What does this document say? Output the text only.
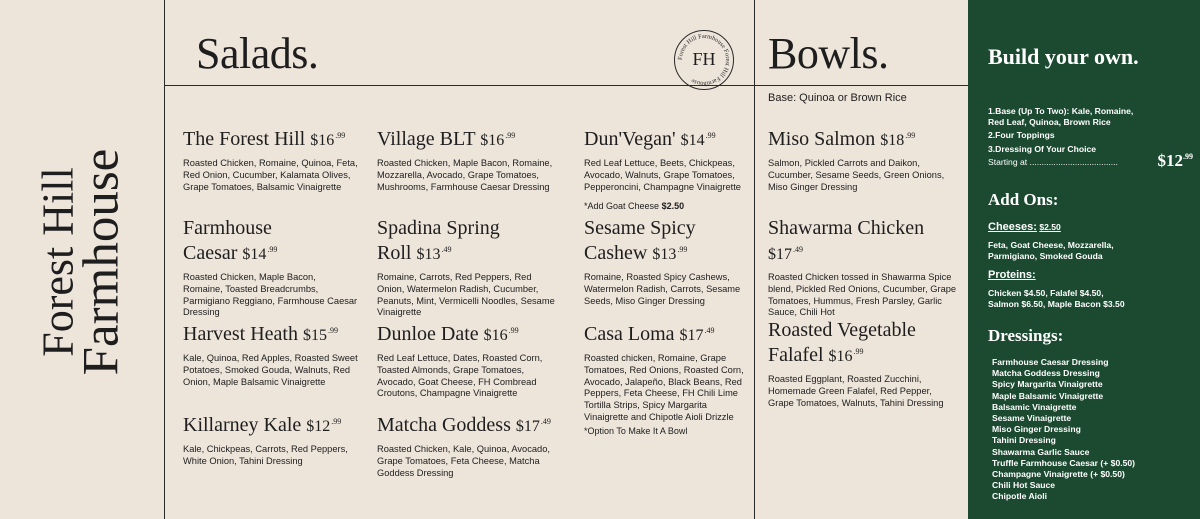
Forest Hill
Farmhouse
Salads.	Bowls.
Forest Hill Farmhouse Forest Hill Farmhouse
FH
The Forest Hill $\$16^{.99}$
Roasted Chicken, Romaine, Quinoa, Feta, Red Onion, Cucumber, Kalamata Olives, Grape Tomatoes, Balsamic Vinaigrette
Farmhouse
Caesar $\$14^{.99}$
Roasted Chicken, Maple Bacon, Romaine, Toasted Breadcrumbs, Parmigiano Reggiano, Farmhouse Caesar Dressing
Harvest Heath $\$15^{.99}$
Kale, Quinoa, Red Apples, Roasted Sweet Potatoes, Smoked Gouda, Walnuts, Red Onion, Maple Balsamic Vinaigrette
Killarney Kale $\$12^{.99}$
Kale, Chickpeas, Carrots, Red Peppers, White Onion, Tahini Dressing
Village BLT $\$16^{.99}$
Roasted Chicken, Maple Bacon, Romaine, Mozzarella, Avocado, Grape Tomatoes, Mushrooms, Farmhouse Caesar Dressing
Spadina Spring
Roll $\$13^{.49}$
Romaine, Carrots, Red Peppers, Red Onion, Watermelon Radish, Cucumber, Peanuts, Mint, Vermicelli Noodles, Sesame Vinaigrette
Dunloe Date $\$16^{.99}$
Red Leaf Lettuce, Dates, Roasted Corn, Toasted Almonds, Grape Tomatoes, Avocado, Goat Cheese, FH Combread Croutons, Champagne Vinaigrette
Matcha Goddess $\$17^{.49}$
Roasted Chicken, Kale, Quinoa, Avocado, Grape Tomatoes, Feta Cheese, Matcha Goddess Dressing
Dun'Vegan' $\$14^{.99}$
Red Leaf Lettuce, Beets, Chickpeas, Avocado, Walnuts, Grape Tomatoes, Pepperoncini, Champagne Vinaigrette
*Add Goat Cheese $2.50
Sesame Spicy
Cashew $\$13^{.99}$
Romaine, Roasted Spicy Cashews, Watermelon Radish, Carrots, Sesame Seeds, Miso Ginger Dressing
Casa Loma $\$17^{.49}$
Roasted chicken, Romaine, Grape Tomatoes, Red Onions, Roasted Corn, Avocado, Jalapeño, Black Beans, Red Peppers, Feta Cheese, FH Chili Lime Tortilla Strips, Spicy Margarita Vinaigrette and Chipotle Aioli Drizzle
*Option To Make It A Bowl
Base: Quinoa or Brown Rice
Miso Salmon $\$18^{.99}$
Salmon, Pickled Carrots and Daikon, Cucumber, Sesame Seeds, Green Onions, Miso Ginger Dressing
Shawarma Chicken $\$17^{.49}$
Roasted Chicken tossed in Shawarma Spice blend, Pickled Red Onions, Cucumber, Grape Tomatoes, Hummus, Fresh Parsley, Garlic Sauce, Chili Hot
Roasted Vegetable
Falafel $\$16^{.99}$
Roasted Eggplant, Roasted Zucchini, Homemade Green Falafel, Red Pepper, Grape Tomatoes, Walnuts, Tahini Dressing
Build your own.
1.Base (Up To Two): Kale, Romaine,
Red Leaf, Quinoa, Brown Rice
2.Four Toppings
3.Dressing Of Your Choice
Starting at ..................................... $\$12^{.99}$
Add Ons:
Cheeses: $2.50
Feta, Goat Cheese, Mozzarella,
Parmigiano, Smoked Gouda
Proteins:
Chicken $4.50, Falafel $4.50,
Salmon $6.50, Maple Bacon $3.50
Dressings:
Farmhouse Caesar Dressing
Matcha Goddess Dressing
Spicy Margarita Vinaigrette
Maple Balsamic Vinaigrette
Balsamic Vinaigrette
Sesame Vinaigrette
Miso Ginger Dressing
Tahini Dressing
Shawarma Garlic Sauce
Truffle Farmhouse Caesar (+ $0.50)
Champagne Vinaigrette (+ $0.50)
Chili Hot Sauce
Chipotle Aioli
